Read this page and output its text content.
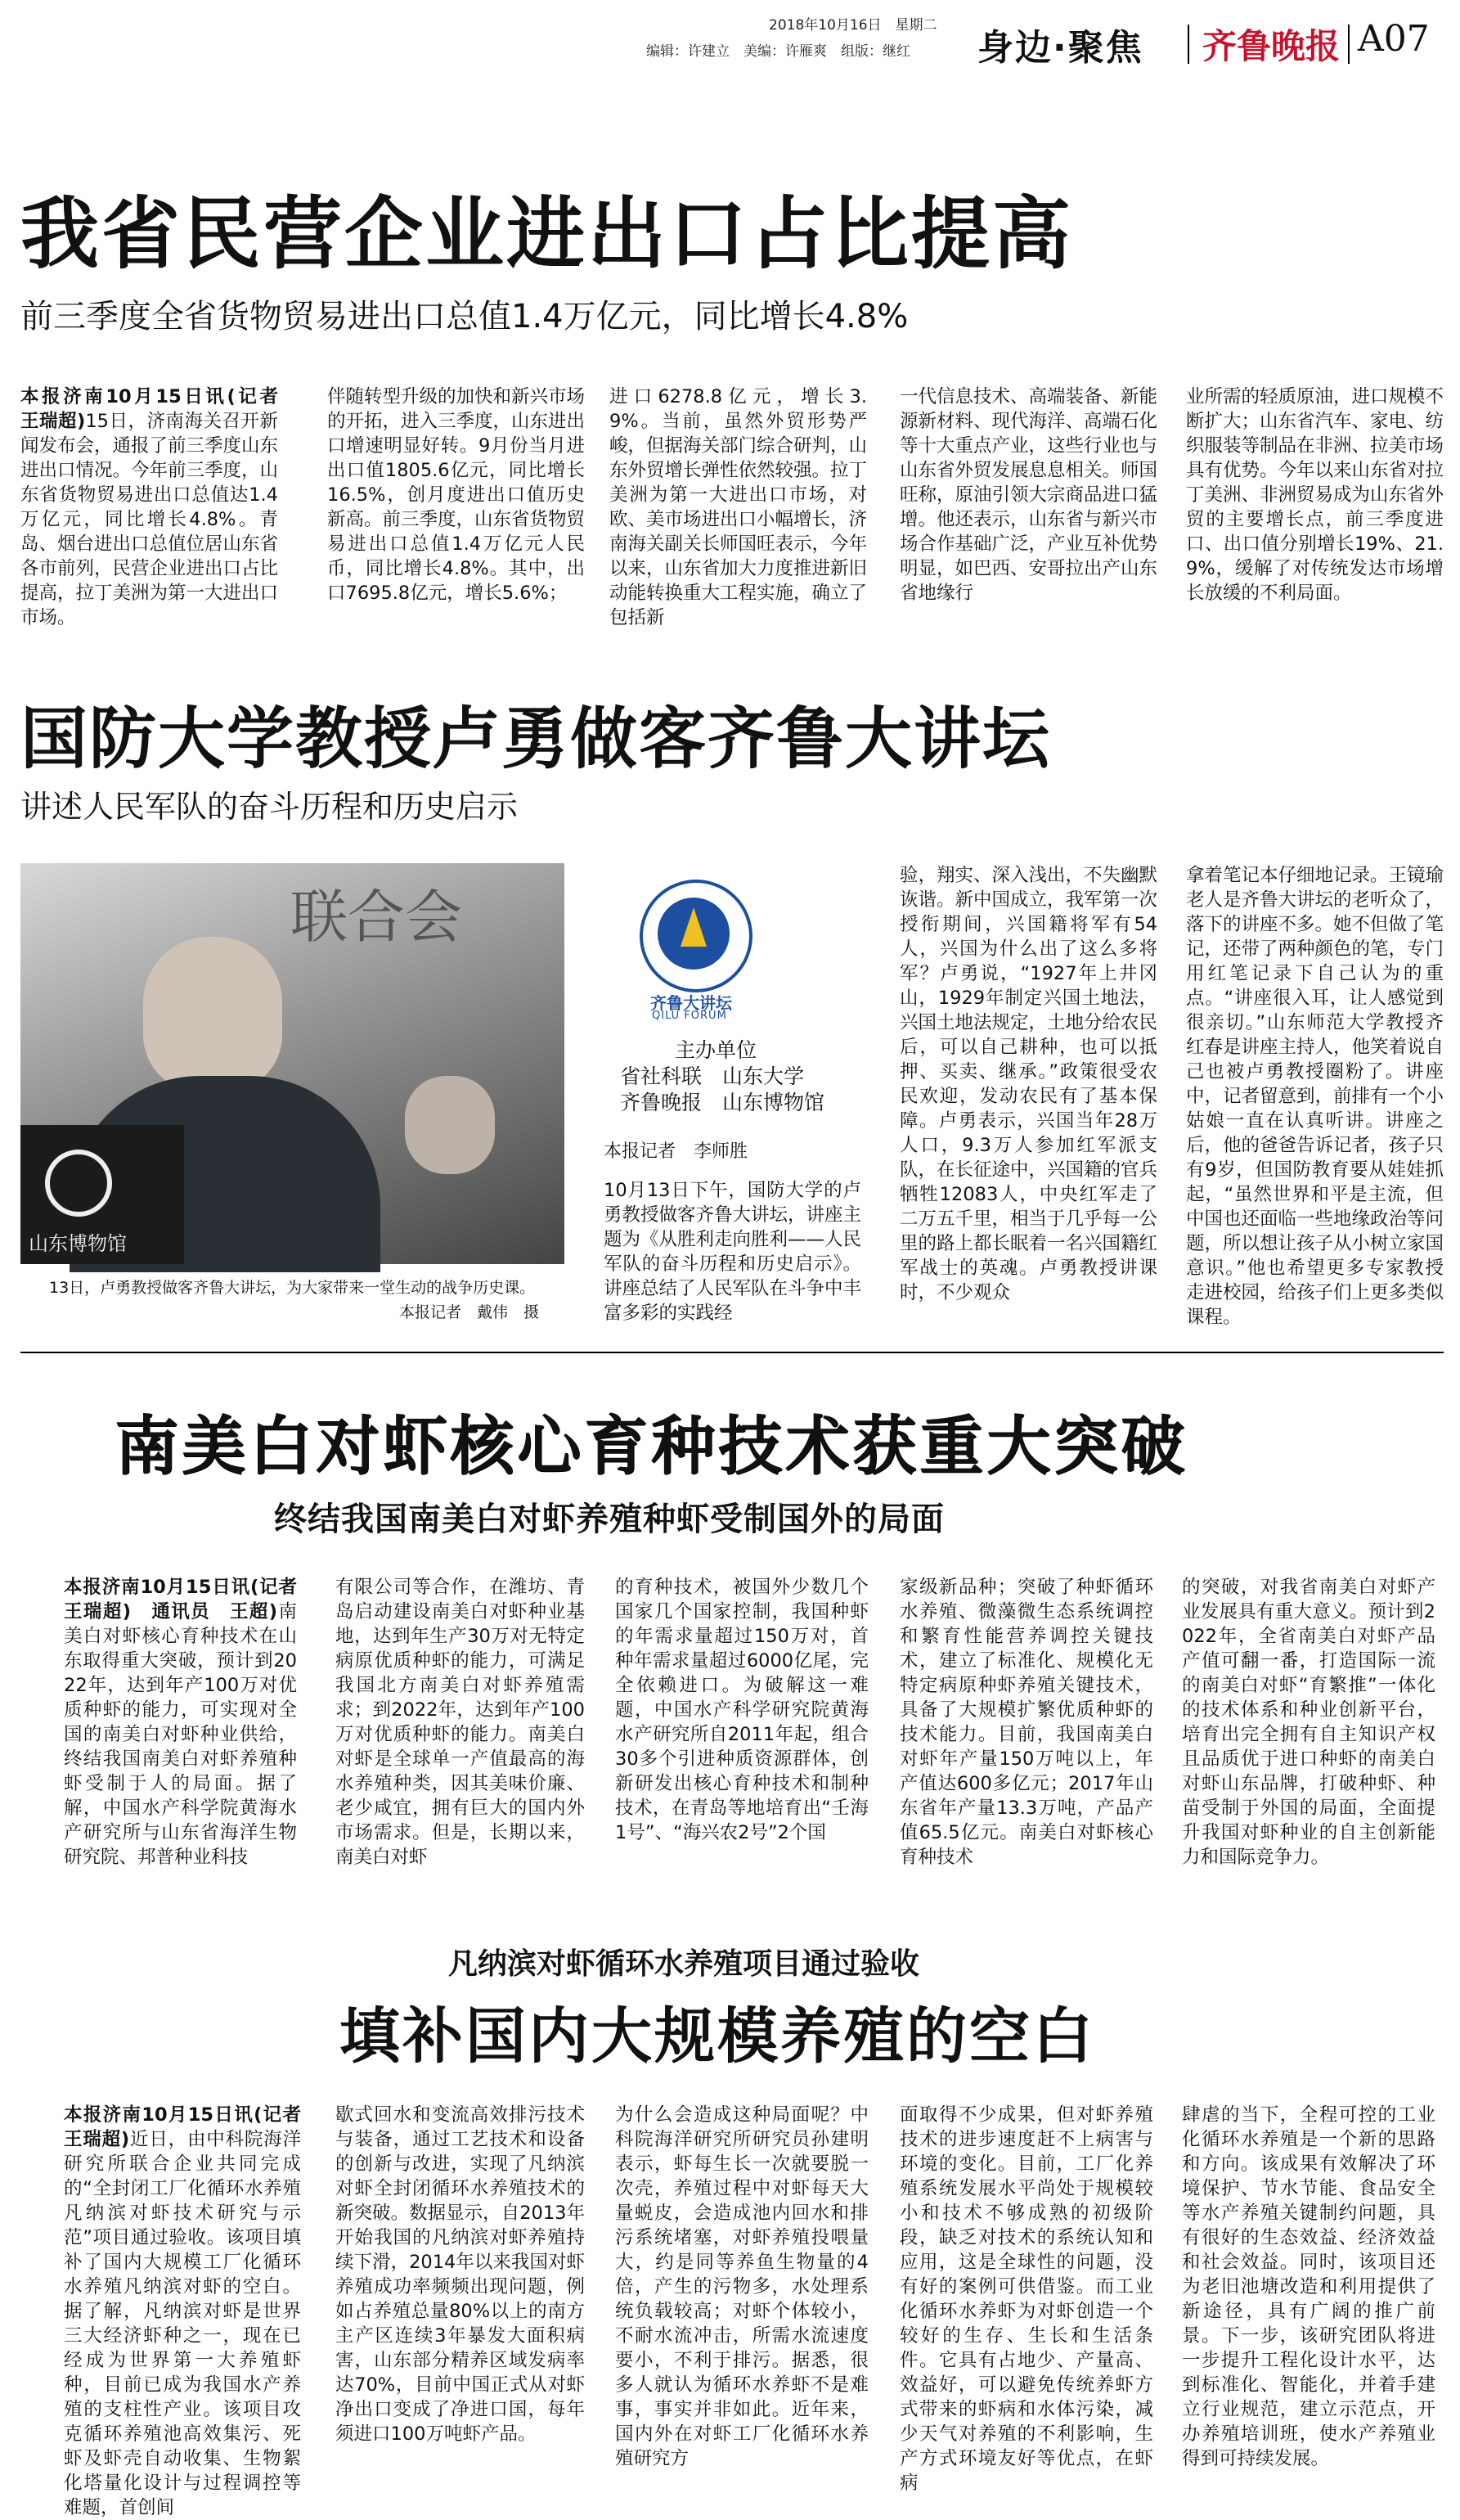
2018年10月16日　 星期二
编辑：许建立　美编：许雁爽　组版：继红 身边·聚焦 齐鲁晚报 A07
我省民营企业进出口占比提高
前三季度全省货物贸易进出口总值1.4万亿元，同比增长4.8%
本报济南10月15日讯(记者　王瑞超)15日，济南海关召开新闻发布会，通报了前三季度山东进出口情况。今年前三季度，山东省货物贸易进出口总值达1.4万亿元，同比增长4.8%。青岛、烟台进出口总值位居山东省各市前列，民营企业进出口占比提高，拉丁美洲为第一大进出口市场。
伴随转型升级的加快和新兴市场的开拓，进入三季度，山东进出口增速明显好转。9月份当月进出口值1805.6亿元，同比增长16.5%，创月度进出口值历史新高。前三季度，山东省货物贸易进出口总值1.4万亿元人民币，同比增长4.8%。其中，出口7695.8亿元，增长5.6%；
进口6278.8亿元，增长3.9%。当前，虽然外贸形势严峻，但据海关部门综合研判，山东外贸增长弹性依然较强。拉丁美洲为第一大进出口市场，对欧、美市场进出口小幅增长，济南海关副关长师国旺表示，今年以来，山东省加大力度推进新旧动能转换重大工程实施，确立了包括新
一代信息技术、高端装备、新能源新材料、现代海洋、高端石化等十大重点产业，这些行业也与山东省外贸发展息息相关。师国旺称，原油引领大宗商品进口猛增。他还表示，山东省与新兴市场合作基础广泛，产业互补优势明显，如巴西、安哥拉出产山东省地缘行
业所需的轻质原油，进口规模不断扩大；山东省汽车、家电、纺织服装等制品在非洲、拉美市场具有优势。今年以来山东省对拉丁美洲、非洲贸易成为山东省外贸的主要增长点，前三季度进口、出口值分别增长19%、21.9%，缓解了对传统发达市场增长放缓的不利局面。
国防大学教授卢勇做客齐鲁大讲坛
讲述人民军队的奋斗历程和历史启示
联合会
山东博物馆
13日，卢勇教授做客齐鲁大讲坛，为大家带来一堂生动的战争历史课。
本报记者　戴伟　摄
齐鲁大讲坛
QILU FORUM
主办单位
省社科联　山东大学
齐鲁晚报　山东博物馆
本报记者　李师胜
10月13日下午，国防大学的卢勇教授做客齐鲁大讲坛，讲座主题为《从胜利走向胜利——人民军队的奋斗历程和历史启示》。讲座总结了人民军队在斗争中丰富多彩的实践经
验，翔实、深入浅出，不失幽默诙谐。新中国成立，我军第一次授衔期间，兴国籍将军有54人，兴国为什么出了这么多将军？卢勇说，“1927年上井冈山，1929年制定兴国土地法，兴国土地法规定，土地分给农民后，可以自己耕种，也可以抵押、买卖、继承。”政策很受农民欢迎，发动农民有了基本保障。卢勇表示，兴国当年28万人口，9.3万人参加红军派支队，在长征途中，兴国籍的官兵牺牲12083人，中央红军走了二万五千里，相当于几乎每一公里的路上都长眠着一名兴国籍红军战士的英魂。卢勇教授讲课时，不少观众
拿着笔记本仔细地记录。王镜瑜老人是齐鲁大讲坛的老听众了，落下的讲座不多。她不但做了笔记，还带了两种颜色的笔，专门用红笔记录下自己认为的重点。“讲座很入耳，让人感觉到很亲切。”山东师范大学教授齐红春是讲座主持人，他笑着说自己也被卢勇教授圈粉了。讲座中，记者留意到，前排有一个小姑娘一直在认真听讲。讲座之后，他的爸爸告诉记者，孩子只有9岁，但国防教育要从娃娃抓起，“虽然世界和平是主流，但中国也还面临一些地缘政治等问题，所以想让孩子从小树立家国意识。”他也希望更多专家教授走进校园，给孩子们上更多类似课程。
南美白对虾核心育种技术获重大突破
终结我国南美白对虾养殖种虾受制国外的局面
本报济南10月15日讯(记者　王瑞超)　通讯员　王超)南美白对虾核心育种技术在山东取得重大突破，预计到2022年，达到年产100万对优质种虾的能力，可实现对全国的南美白对虾种业供给，终结我国南美白对虾养殖种虾受制于人的局面。据了解，中国水产科学院黄海水产研究所与山东省海洋生物研究院、邦普种业科技
有限公司等合作，在潍坊、青岛启动建设南美白对虾种业基地，达到年生产30万对无特定病原优质种虾的能力，可满足我国北方南美白对虾养殖需求；到2022年，达到年产100万对优质种虾的能力。南美白对虾是全球单一产值最高的海水养殖种类，因其美味价廉、老少咸宜，拥有巨大的国内外市场需求。但是，长期以来，南美白对虾
的育种技术，被国外少数几个国家几个国家控制，我国种虾的年需求量超过150万对，首种年需求量超过6000亿尾，完全依赖进口。为破解这一难题，中国水产科学研究院黄海水产研究所自2011年起，组合30多个引进种质资源群体，创新研发出核心育种技术和制种技术，在青岛等地培育出“壬海1号”、“海兴农2号”2个国
家级新品种；突破了种虾循环水养殖、微藻微生态系统调控和繁育性能营养调控关键技术，建立了标准化、规模化无特定病原种虾养殖关键技术，具备了大规模扩繁优质种虾的技术能力。目前，我国南美白对虾年产量150万吨以上，年产值达600多亿元；2017年山东省年产量13.3万吨，产品产值65.5亿元。南美白对虾核心育种技术
的突破，对我省南美白对虾产业发展具有重大意义。预计到2022年，全省南美白对虾产品产值可翻一番，打造国际一流的南美白对虾“育繁推”一体化的技术体系和种业创新平台，培育出完全拥有自主知识产权且品质优于进口种虾的南美白对虾山东品牌，打破种虾、种苗受制于外国的局面，全面提升我国对虾种业的自主创新能力和国际竞争力。
凡纳滨对虾循环水养殖项目通过验收
填补国内大规模养殖的空白
本报济南10月15日讯(记者　王瑞超)近日，由中科院海洋研究所联合企业共同完成的“全封闭工厂化循环水养殖凡纳滨对虾技术研究与示范”项目通过验收。该项目填补了国内大规模工厂化循环水养殖凡纳滨对虾的空白。据了解，凡纳滨对虾是世界三大经济虾种之一，现在已经成为世界第一大养殖虾种，目前已成为我国水产养殖的支柱性产业。该项目攻克循环养殖池高效集污、死虾及虾壳自动收集、生物絮化塔量化设计与过程调控等难题，首创间
歇式回水和变流高效排污技术与装备，通过工艺技术和设备的创新与改进，实现了凡纳滨对虾全封闭循环水养殖技术的新突破。数据显示，自2013年开始我国的凡纳滨对虾养殖持续下滑，2014年以来我国对虾养殖成功率频频出现问题，例如占养殖总量80%以上的南方主产区连续3年暴发大面积病害，山东部分精养区域发病率达70%，目前中国正式从对虾净出口变成了净进口国，每年须进口100万吨虾产品。
为什么会造成这种局面呢？中科院海洋研究所研究员孙建明表示，虾每生长一次就要脱一次壳，养殖过程中对虾每天大量蜕皮，会造成池内回水和排污系统堵塞，对虾养殖投喂量大，约是同等养鱼生物量的4倍，产生的污物多，水处理系统负载较高；对虾个体较小，不耐水流冲击，所需水流速度要小，不利于排污。据悉，很多人就认为循环水养虾不是难事，事实并非如此。近年来，国内外在对虾工厂化循环水养殖研究方
面取得不少成果，但对虾养殖技术的进步速度赶不上病害与环境的变化。目前，工厂化养殖系统发展水平尚处于规模较小和技术不够成熟的初级阶段，缺乏对技术的系统认知和应用，这是全球性的问题，没有好的案例可供借鉴。而工业化循环水养虾为对虾创造一个较好的生存、生长和生活条件。它具有占地少、产量高、效益好，可以避免传统养虾方式带来的虾病和水体污染，减少天气对养殖的不利影响，生产方式环境友好等优点，在虾病
肆虐的当下，全程可控的工业化循环水养殖是一个新的思路和方向。该成果有效解决了环境保护、节水节能、食品安全等水产养殖关键制约问题，具有很好的生态效益、经济效益和社会效益。同时，该项目还为老旧池塘改造和利用提供了新途径，具有广阔的推广前景。下一步，该研究团队将进一步提升工程化设计水平，达到标准化、智能化，并着手建立行业规范，建立示范点，开办养殖培训班，使水产养殖业得到可持续发展。
